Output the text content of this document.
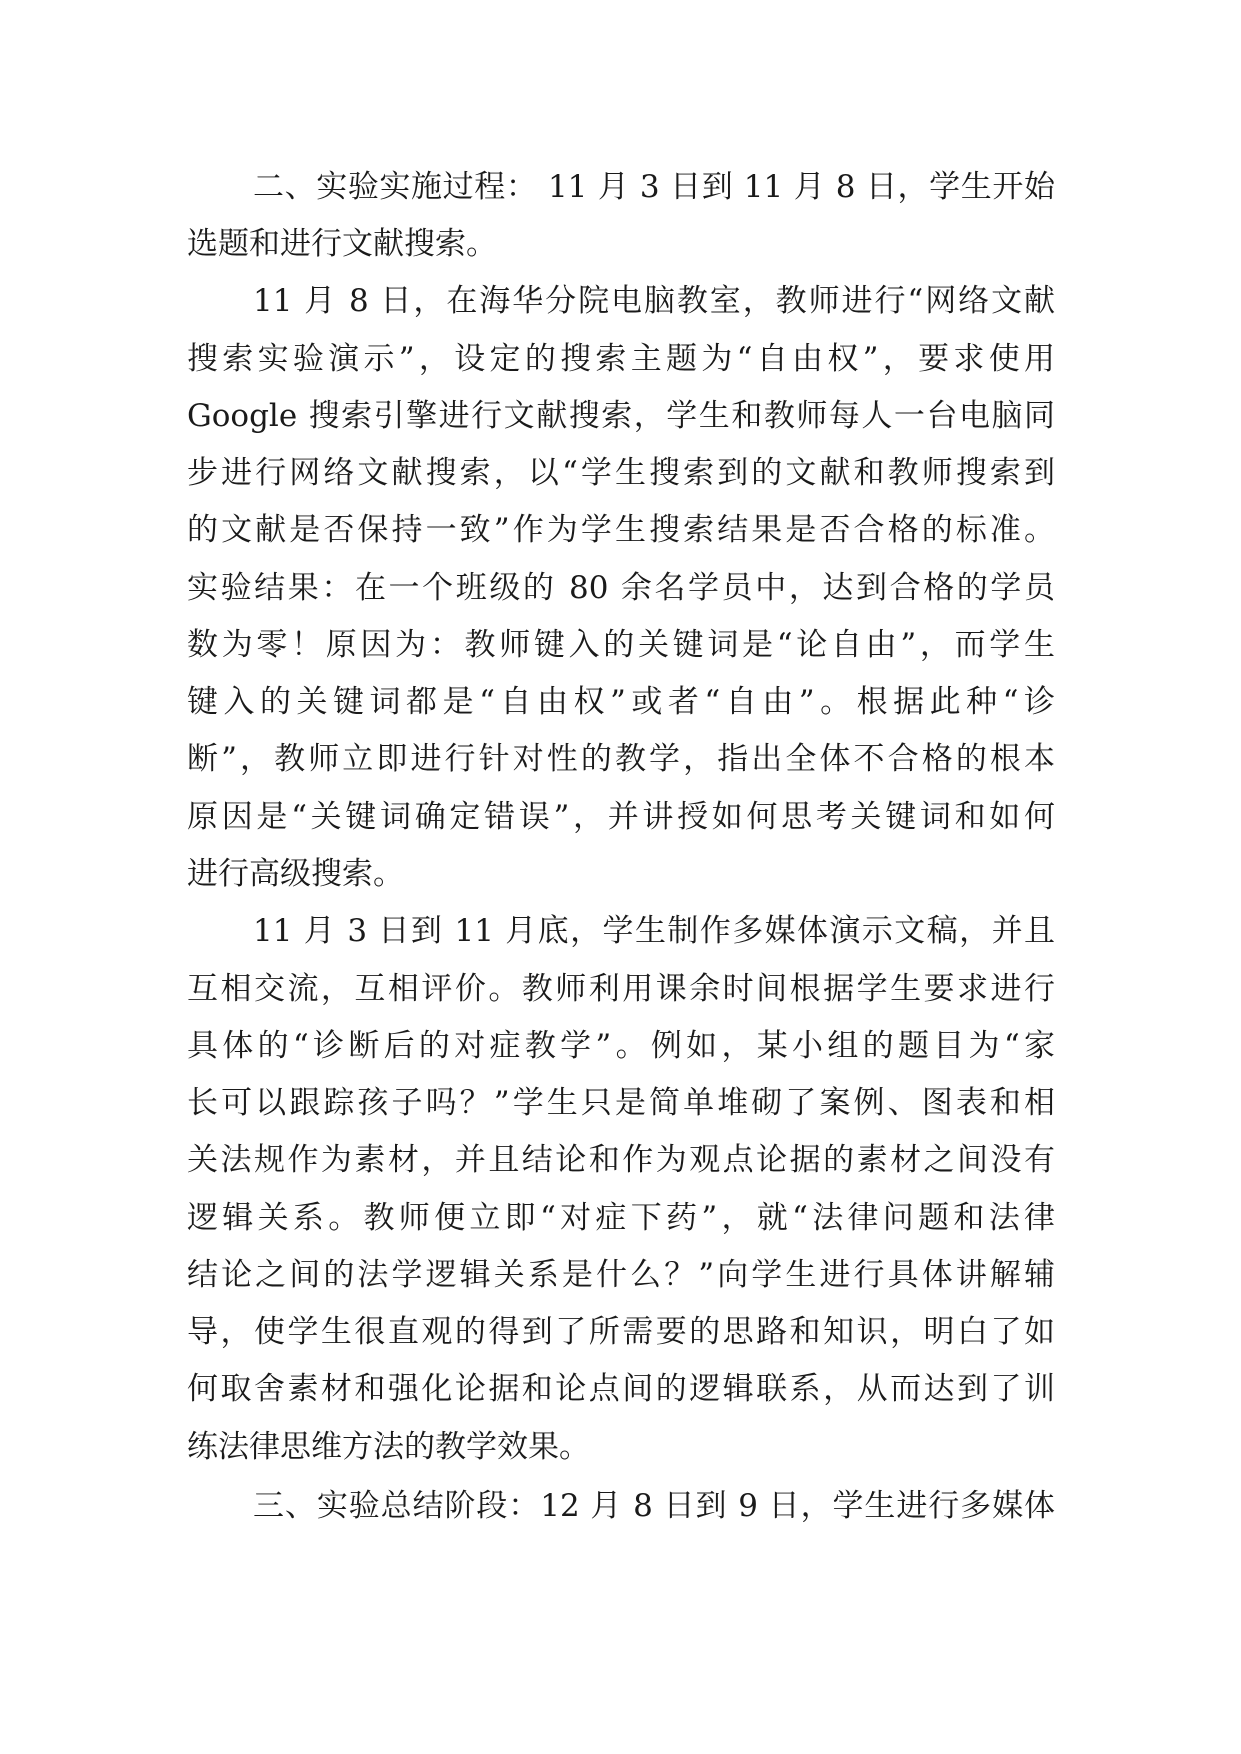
二、实验实施过程： 11 月 3 日到 11 月 8 日，学生开始
选题和进行文献搜索。
11 月 8 日，在海华分院电脑教室，教师进行“网络文献
搜索实验演示”，设定的搜索主题为“自由权”，要求使用
Google 搜索引擎进行文献搜索，学生和教师每人一台电脑同
步进行网络文献搜索，以“学生搜索到的文献和教师搜索到
的文献是否保持一致”作为学生搜索结果是否合格的标准。
实验结果：在一个班级的 80 余名学员中，达到合格的学员
数为零！原因为：教师键入的关键词是“论自由”，而学生
键入的关键词都是“自由权”或者“自由”。根据此种“诊
断”，教师立即进行针对性的教学，指出全体不合格的根本
原因是“关键词确定错误”，并讲授如何思考关键词和如何
进行高级搜索。
11 月 3 日到 11 月底，学生制作多媒体演示文稿，并且
互相交流，互相评价。教师利用课余时间根据学生要求进行
具体的“诊断后的对症教学”。例如，某小组的题目为“家
长可以跟踪孩子吗？”学生只是简单堆砌了案例、图表和相
关法规作为素材，并且结论和作为观点论据的素材之间没有
逻辑关系。教师便立即“对症下药”，就“法律问题和法律
结论之间的法学逻辑关系是什么？”向学生进行具体讲解辅
导，使学生很直观的得到了所需要的思路和知识，明白了如
何取舍素材和强化论据和论点间的逻辑联系，从而达到了训
练法律思维方法的教学效果。
三、实验总结阶段：12 月 8 日到 9 日，学生进行多媒体
